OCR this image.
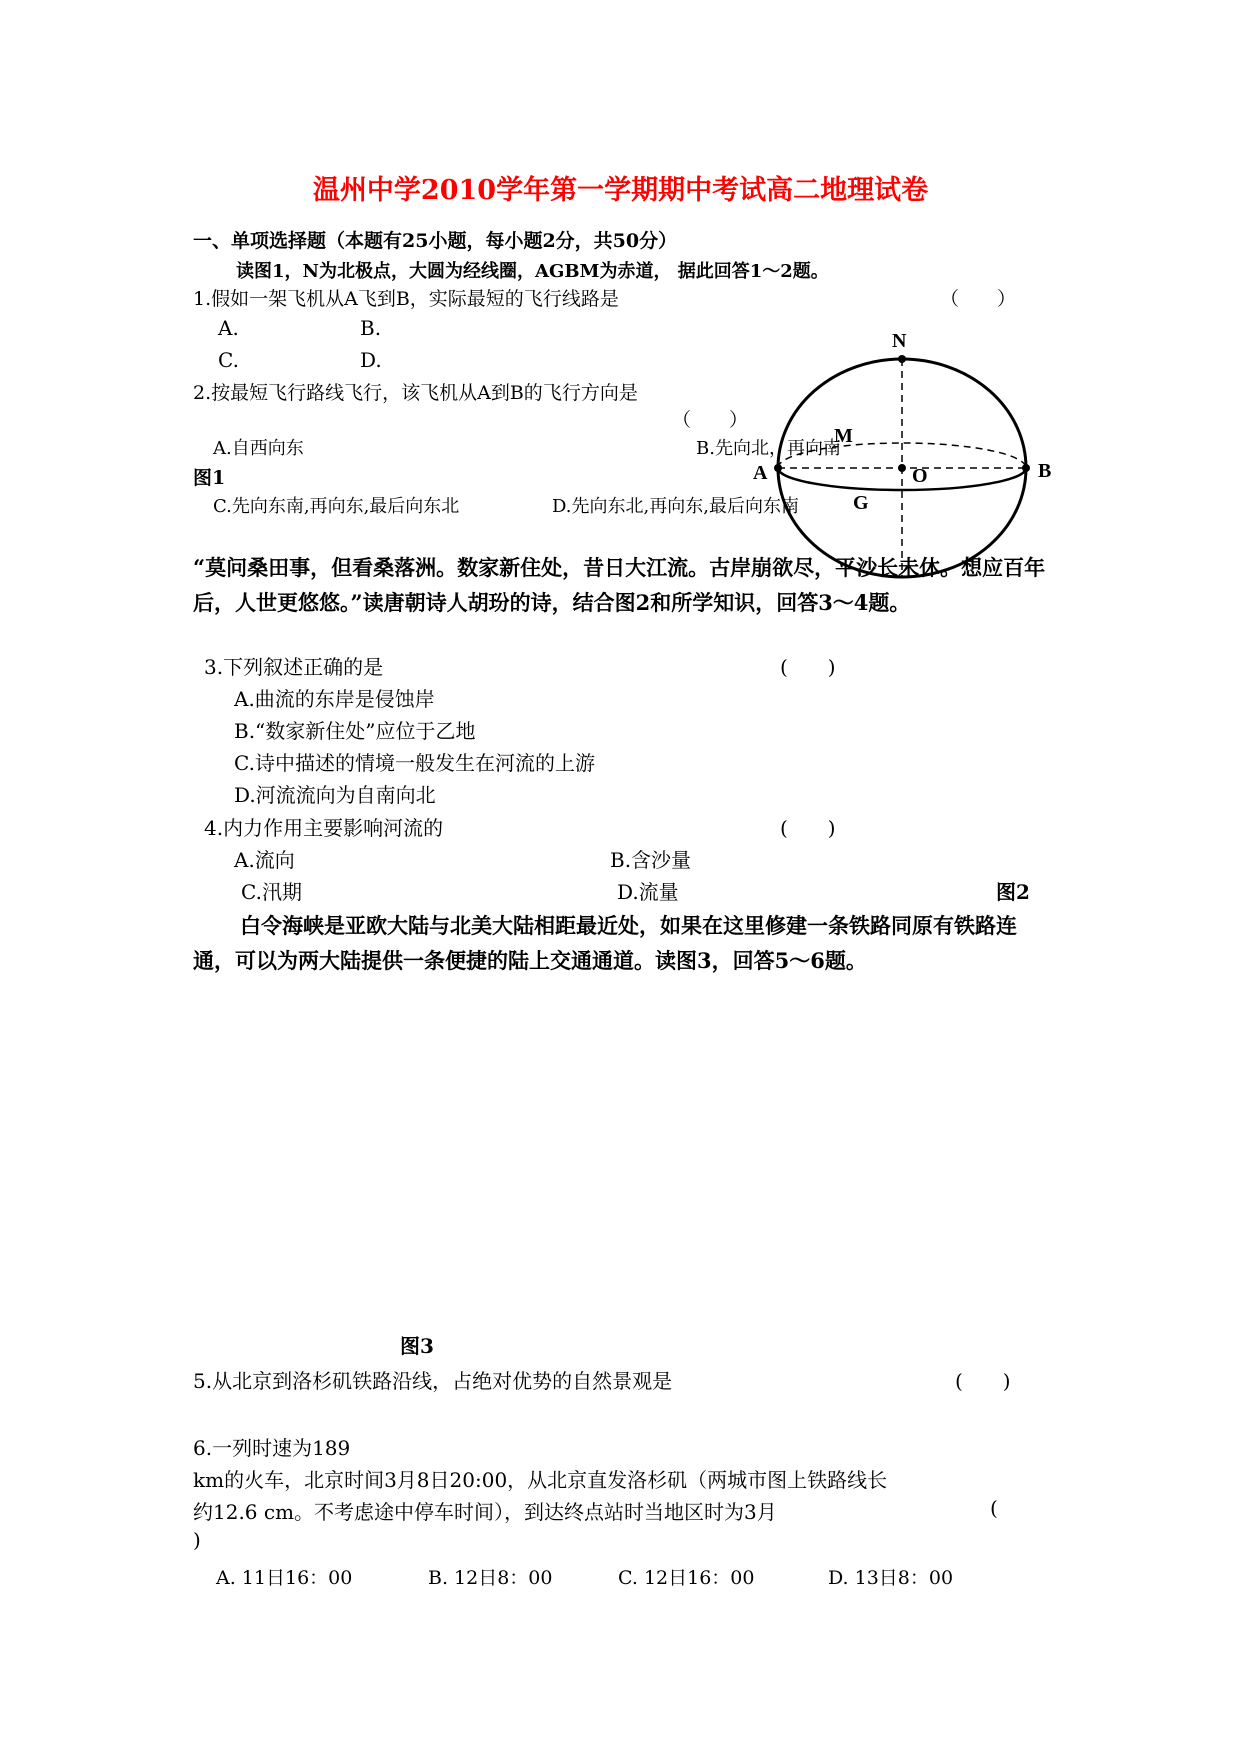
温州中学2010学年第一学期期中考试高二地理试卷
一、单项选择题（本题有25小题，每小题2分，共50分）
读图1，N为北极点，大圆为经线圈，AGBM为赤道， 据此回答1～2题。
1.假如一架飞机从A飞到B，实际最短的飞行线路是	（　　）
A.	B.
C.	D.
2.按最短飞行路线飞行，该飞机从A到B的飞行方向是
（　　）
A.自西向东	B.先向北，再向南
图1
C.先向东南,再向东,最后向东北	D.先向东北,再向东,最后向东南
N
M
A	O	B
G
“莫问桑田事，但看桑落洲。数家新住处，昔日大江流。古岸崩欲尽，平沙长未休。想应百年后，人世更悠悠。”读唐朝诗人胡玢的诗，结合图2和所学知识，回答3～4题。
3.下列叙述正确的是	(　　)
A.曲流的东岸是侵蚀岸
B.“数家新住处”应位于乙地
C.诗中描述的情境一般发生在河流的上游
D.河流流向为自南向北
4.内力作用主要影响河流的	(　　)
A.流向	B.含沙量
C.汛期	D.流量	图2
白令海峡是亚欧大陆与北美大陆相距最近处，如果在这里修建一条铁路同原有铁路连通，可以为两大陆提供一条便捷的陆上交通通道。读图3，回答5～6题。
图3
5.从北京到洛杉矶铁路沿线，占绝对优势的自然景观是	(　　)
6.一列时速为189
km的火车，北京时间3月8日20:00，从北京直发洛杉矶（两城市图上铁路线长
约12.6 cm。不考虑途中停车时间），到达终点站时当地区时为3月	(
)
A. 11日16：00	B. 12日8：00	C. 12日16：00	D. 13日8：00
